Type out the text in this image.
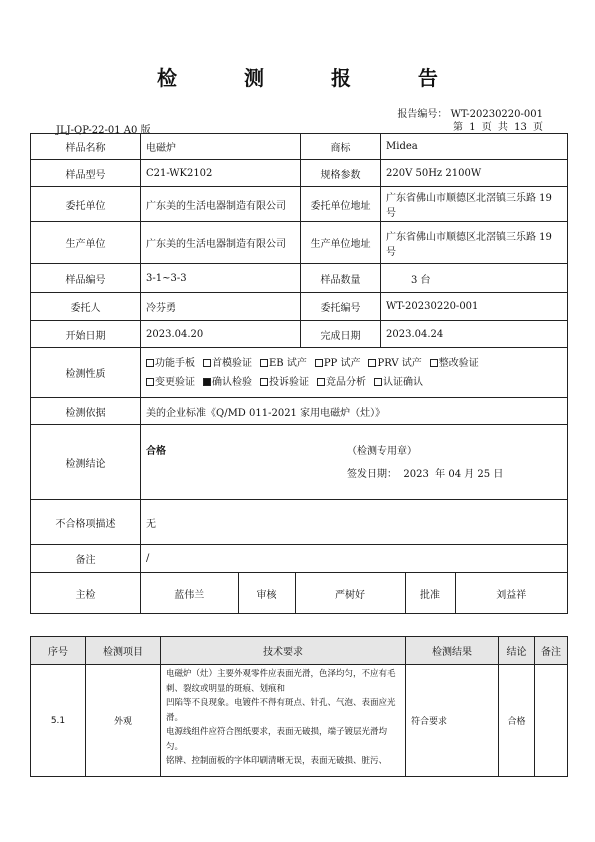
检 测 报 告
报告编号： WT-20230220-001
第 1 页 共 13 页
JLJ-QP-22-01 A0 版
样品名称	电磁炉	商标	Midea
样品型号	C21-WK2102	规格参数	220V 50Hz 2100W
委托单位	广东美的生活电器制造有限公司	委托单位地址	广东省佛山市顺德区北滘镇三乐路 19 号
生产单位	广东美的生活电器制造有限公司	生产单位地址	广东省佛山市顺德区北滘镇三乐路 19 号
样品编号	3-1~3-3	样品数量	3 台
委托人	冷芬勇	委托编号	WT-20230220-001
开始日期	2023.04.20	完成日期	2023.04.24
检测性质	功能手板 首模验证 EB 试产 PP 试产 PRV 试产 整改验证
变更验证 确认检验 投诉验证 竞品分析 认证确认
检测依据	美的企业标准《Q/MD 011-2021 家用电磁炉（灶）》
检测结论	
合格	（检测专用章）
签发日期：  2023  年 04 月 25 日

不合格项描述	无
备注	/
主检		蓝伟兰	审核	严树好	批准	刘益祥
序号	检测项目	技术要求	检测结果	结论	备注
5.1	外观	电磁炉（灶）主要外观零件应表面光滑，色泽均匀，不应有毛刺、裂纹或明显的斑痕、划痕和
凹陷等不良现象。电镀件不得有斑点、针孔、气泡、表面应光滑。
电源线组件应符合图纸要求，表面无破损，端子镀层光滑均匀。
铭牌、控制面板的字体印刷清晰无误，表面无破损、脏污、	符合要求	合格	
